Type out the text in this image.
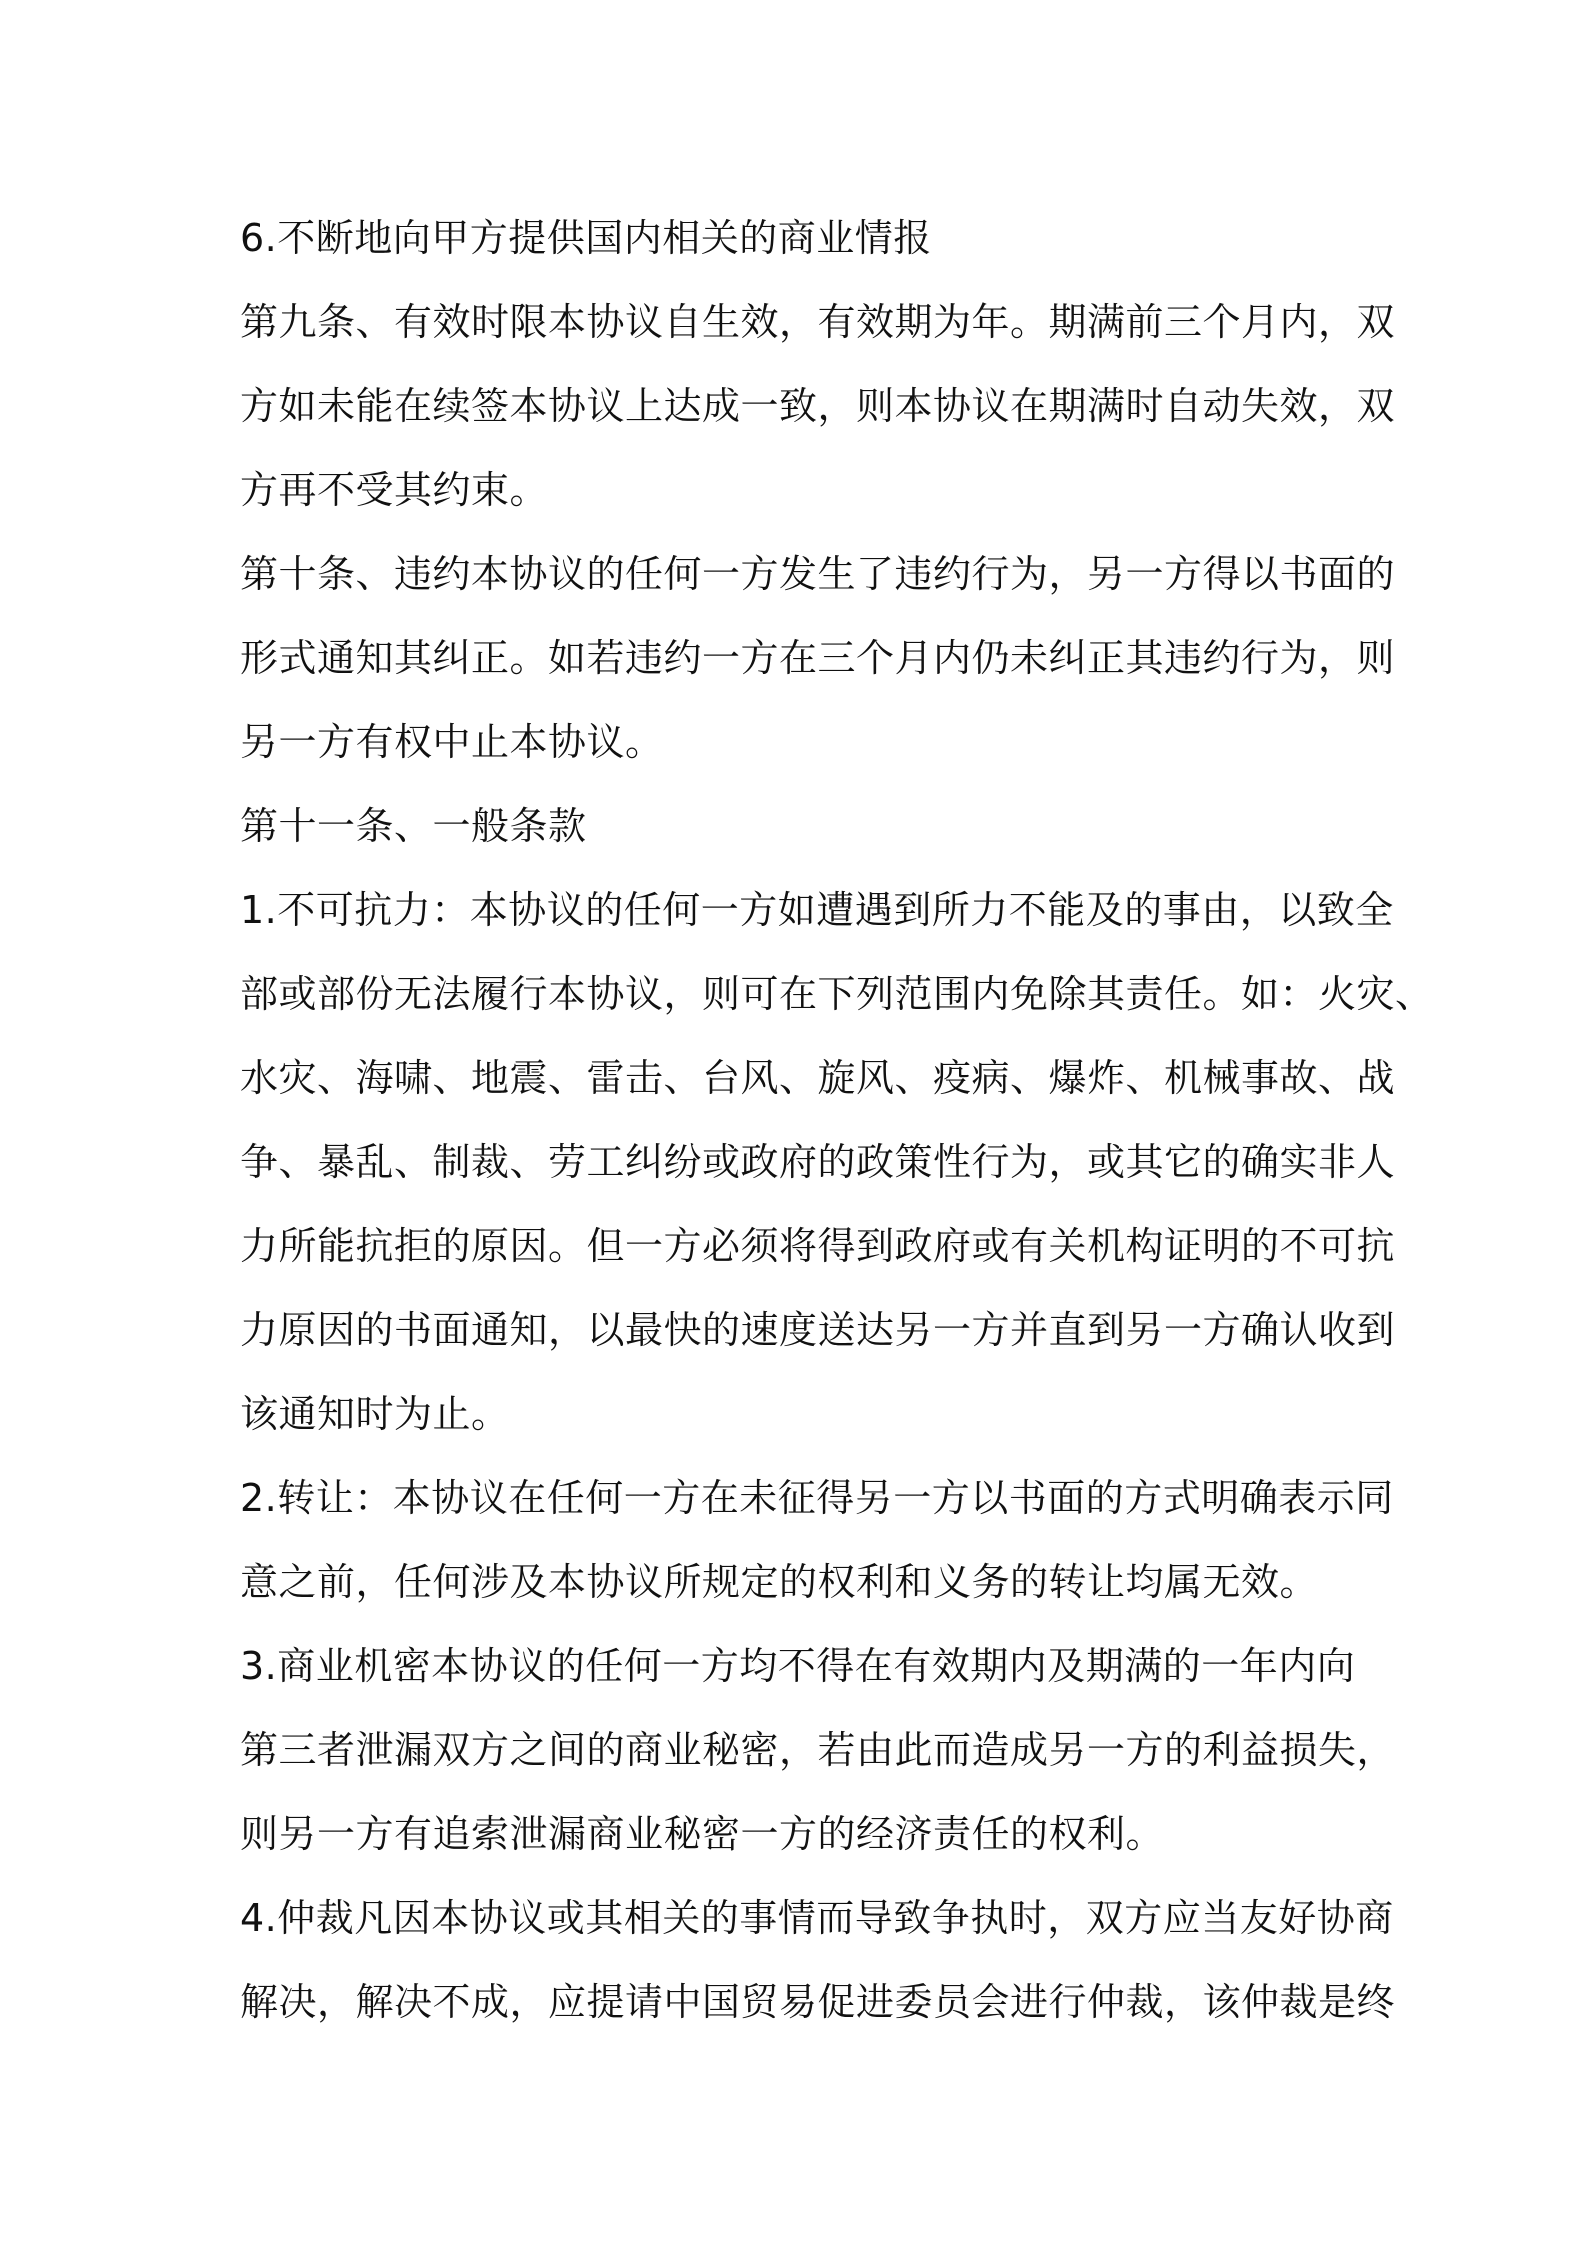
6.不断地向甲方提供国内相关的商业情报
第九条、有效时限本协议自生效，有效期为年。期满前三个月内，双
方如未能在续签本协议上达成一致，则本协议在期满时自动失效，双
方再不受其约束。
第十条、违约本协议的任何一方发生了违约行为，另一方得以书面的
形式通知其纠正。如若违约一方在三个月内仍未纠正其违约行为，则
另一方有权中止本协议。
第十一条、一般条款
1.不可抗力：本协议的任何一方如遭遇到所力不能及的事由，以致全
部或部份无法履行本协议，则可在下列范围内免除其责任。如：火灾、
水灾、海啸、地震、雷击、台风、旋风、疫病、爆炸、机械事故、战
争、暴乱、制裁、劳工纠纷或政府的政策性行为，或其它的确实非人
力所能抗拒的原因。但一方必须将得到政府或有关机构证明的不可抗
力原因的书面通知，以最快的速度送达另一方并直到另一方确认收到
该通知时为止。
2.转让：本协议在任何一方在未征得另一方以书面的方式明确表示同
意之前，任何涉及本协议所规定的权利和义务的转让均属无效。
3.商业机密本协议的任何一方均不得在有效期内及期满的一年内向
第三者泄漏双方之间的商业秘密，若由此而造成另一方的利益损失，
则另一方有追索泄漏商业秘密一方的经济责任的权利。
4.仲裁凡因本协议或其相关的事情而导致争执时，双方应当友好协商
解决，解决不成，应提请中国贸易促进委员会进行仲裁，该仲裁是终
